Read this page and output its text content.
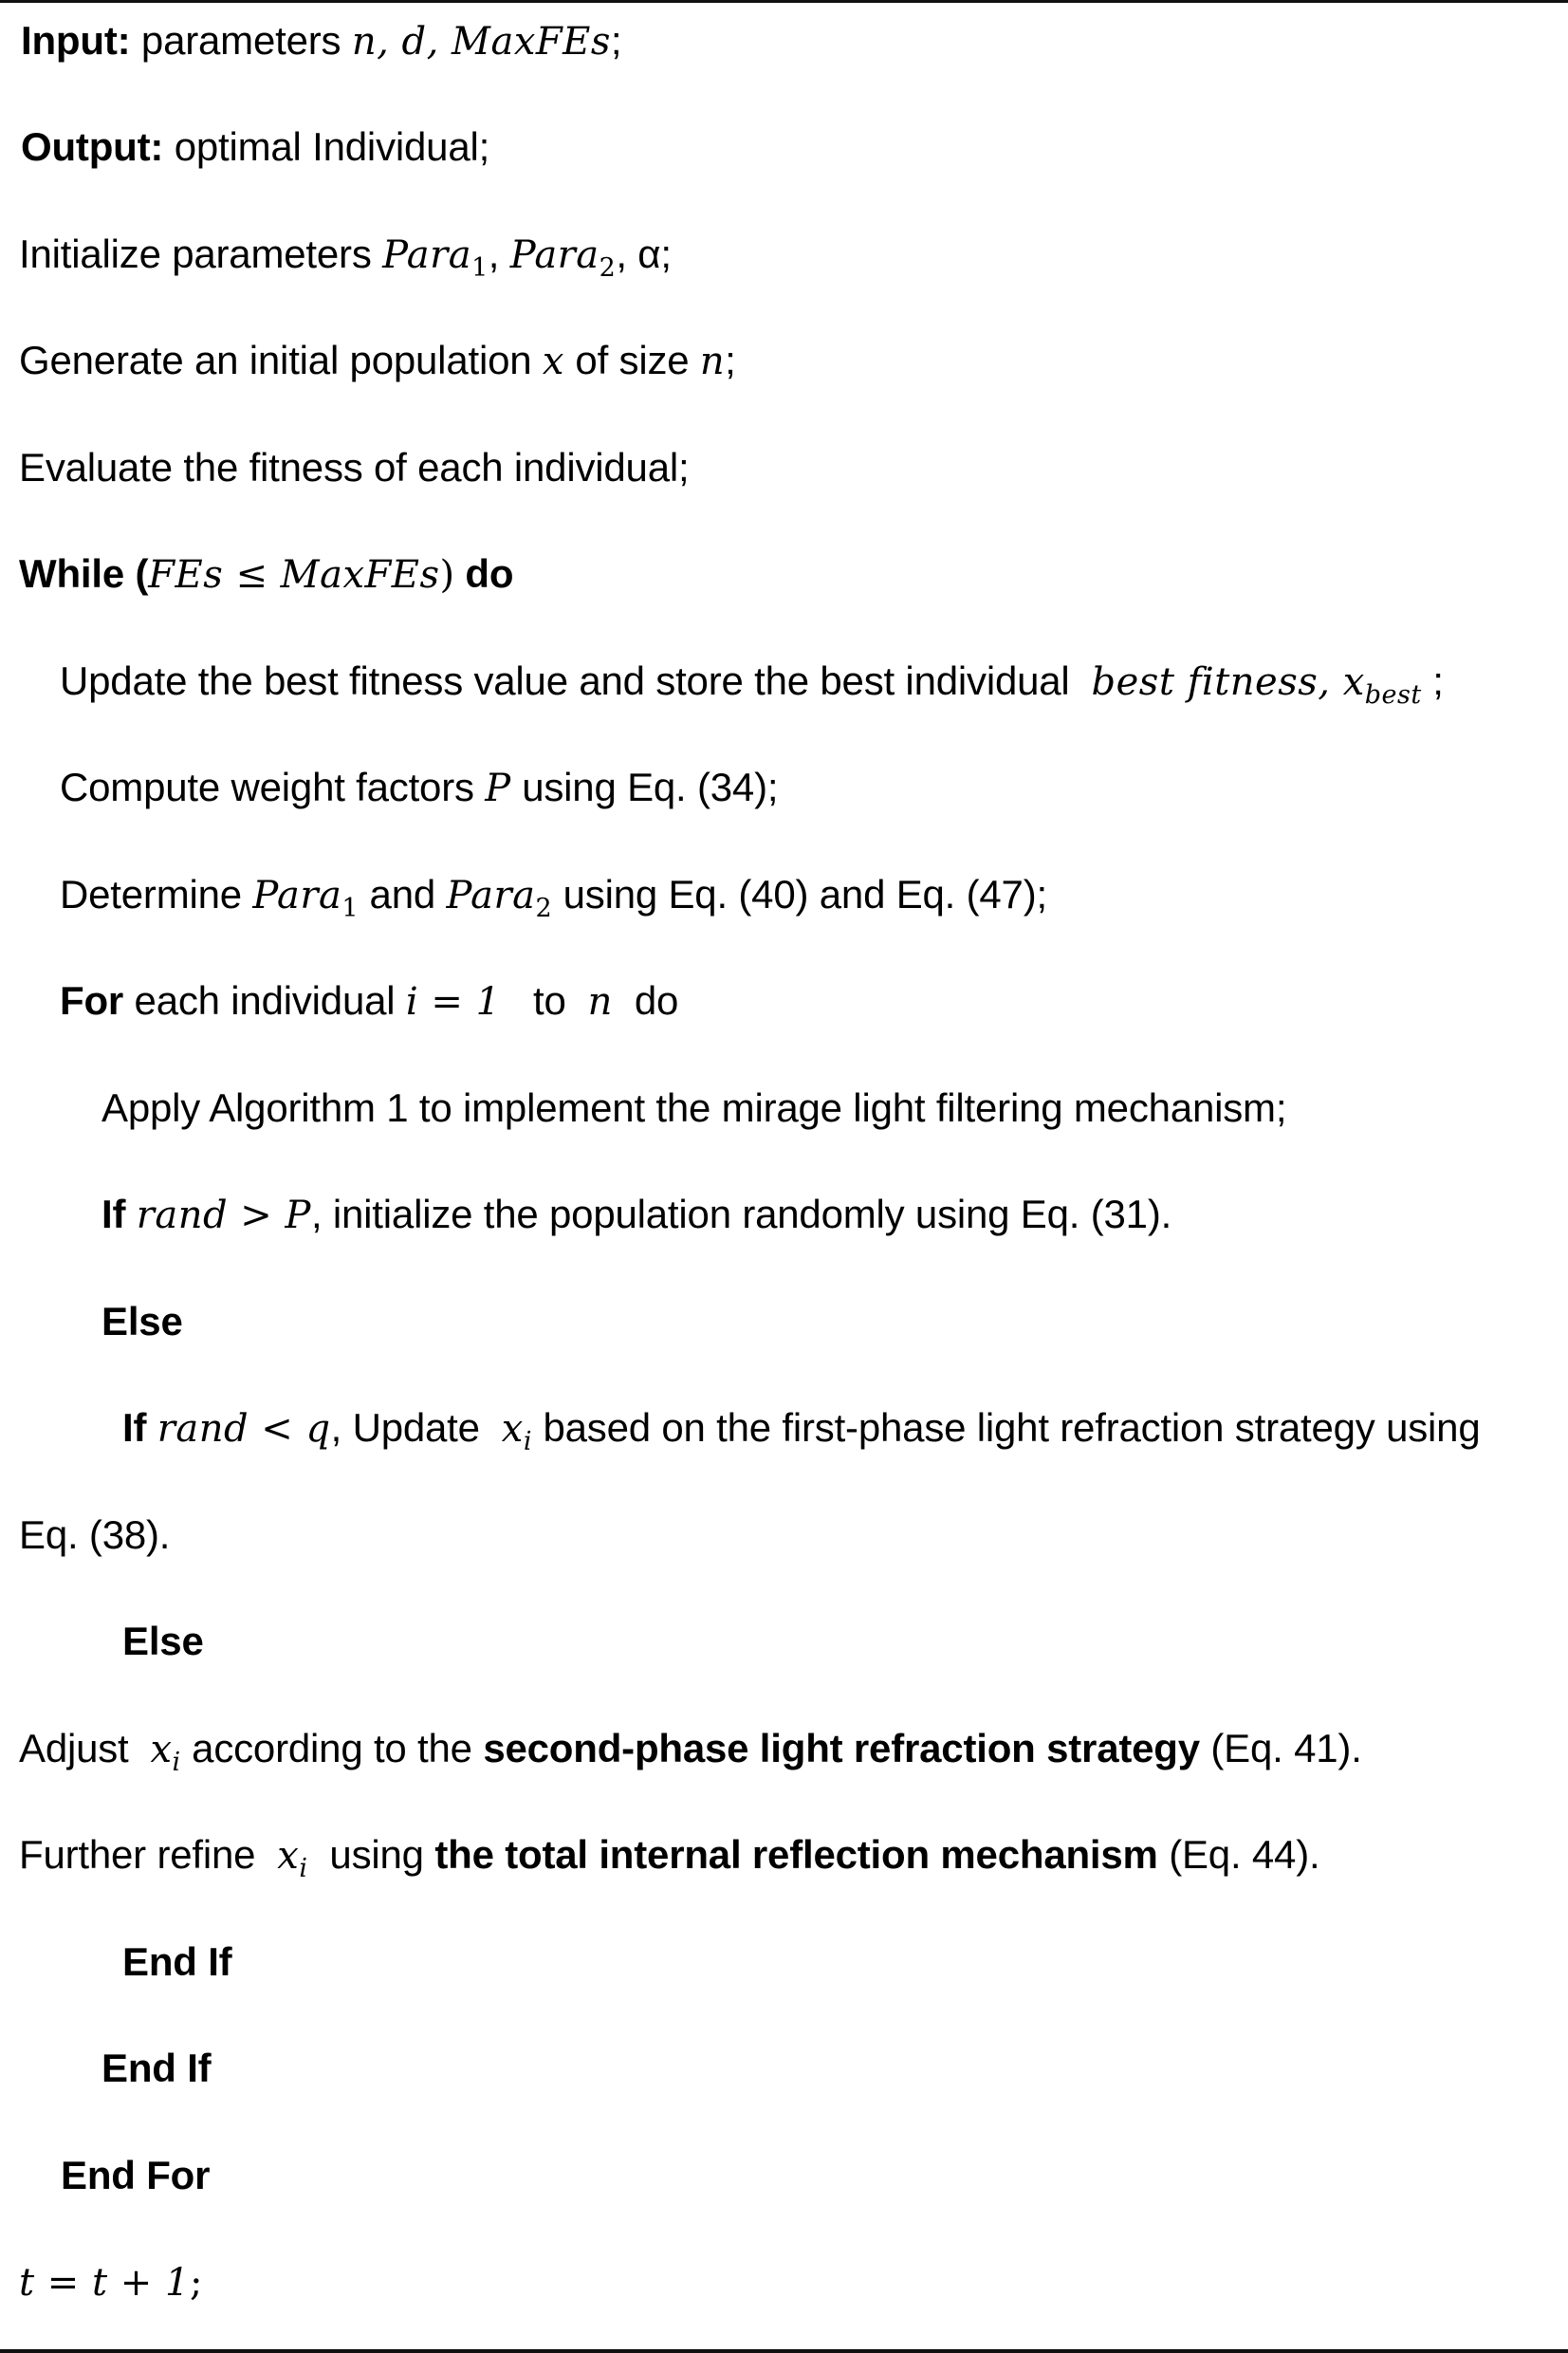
Input: parameters n, d, MaxFEs;
Output: optimal Individual;
Initialize parameters Para$_1$, Para$_2$, α;
Generate an initial population x of size n;
Evaluate the fitness of each individual;
While (FEs ≤ MaxFEs) do
Update the best fitness value and store the best individual best fitness, $x_{best}$ ;
Compute weight factors P using Eq. (34);
Determine Para$_1$ and Para$_2$ using Eq. (40) and Eq. (47);
For each individual i = 1 to n do
Apply Algorithm 1 to implement the mirage light filtering mechanism;
If rand > P, initialize the population randomly using Eq. (31).
Else
If rand < q, Update $x_i$ based on the first-phase light refraction strategy using
Eq. (38).
Else
Adjust $x_i$ according to the second-phase light refraction strategy (Eq. 41).
Further refine $x_i$ using the total internal reflection mechanism (Eq. 44).
End If
End If
End For
t = t + 1;
